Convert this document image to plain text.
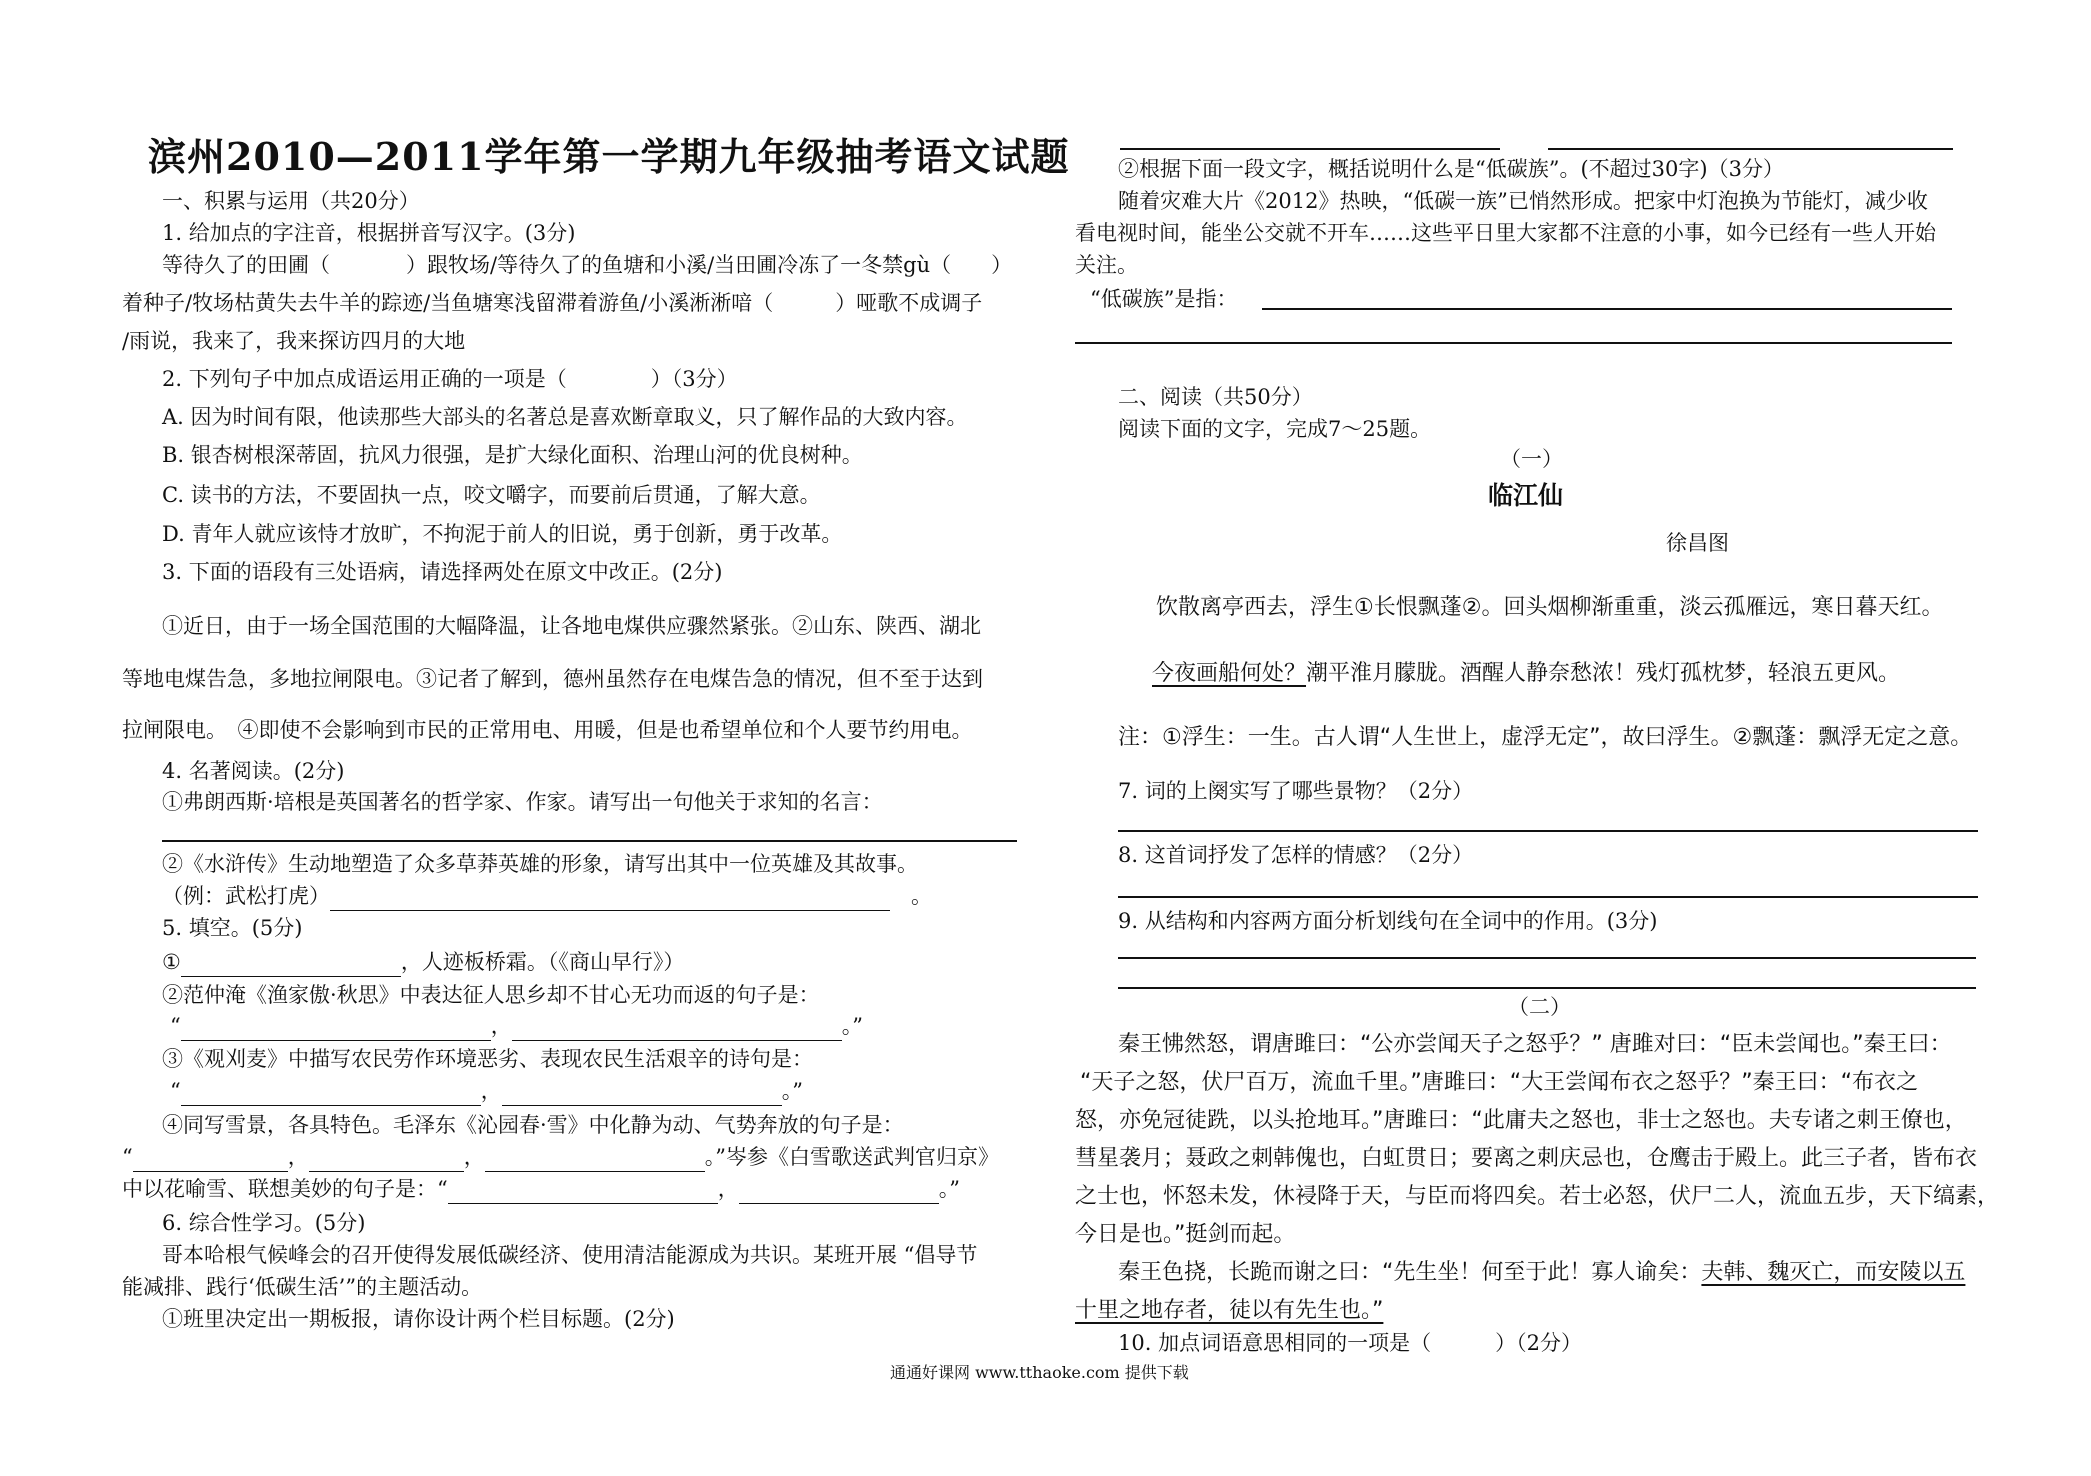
滨州2010—2011学年第一学期九年级抽考语文试题
一、积累与运用（共20分）
1. 给加点的字注音，根据拼音写汉字。(3分)
等待久了的田圃（	）跟牧场/等待久了的鱼塘和小溪/当田圃冷冻了一冬禁gù（ ）
着种子/牧场枯黄失去牛羊的踪迹/当鱼塘寒浅留滞着游鱼/小溪淅淅喑（	）哑歌不成调子
/雨说，我来了，我来探访四月的大地
2. 下列句子中加点成语运用正确的一项是（	）（3分）
A. 因为时间有限，他读那些大部头的名著总是喜欢断章取义，只了解作品的大致内容。
B. 银杏树根深蒂固，抗风力很强，是扩大绿化面积、治理山河的优良树种。
C. 读书的方法，不要固执一点，咬文嚼字，而要前后贯通，了解大意。
D. 青年人就应该恃才放旷，不拘泥于前人的旧说，勇于创新，勇于改革。
3. 下面的语段有三处语病，请选择两处在原文中改正。(2分)
①近日，由于一场全国范围的大幅降温，让各地电煤供应骤然紧张。②山东、陕西、湖北
等地电煤告急，多地拉闸限电。③记者了解到，德州虽然存在电煤告急的情况，但不至于达到
拉闸限电。　④即使不会影响到市民的正常用电、用暖，但是也希望单位和个人要节约用电。
4. 名著阅读。(2分)
①弗朗西斯·培根是英国著名的哲学家、作家。请写出一句他关于求知的名言：
②《水浒传》生动地塑造了众多草莽英雄的形象，请写出其中一位英雄及其故事。
（例：武松打虎）　	。
5. 填空。(5分)
①	，人迹板桥霜。（《商山早行》）
②范仲淹《渔家傲·秋思》中表达征人思乡却不甘心无功而返的句子是：
“	，	。”
③《观刈麦》中描写农民劳作环境恶劣、表现农民生活艰辛的诗句是：
“	，	。”
④同写雪景，各具特色。毛泽东《沁园春·雪》中化静为动、气势奔放的句子是：
“	，	，	。”岑参《白雪歌送武判官归京》
中以花喻雪、联想美妙的句子是：“	，	。”
6. 综合性学习。(5分)
哥本哈根气候峰会的召开使得发展低碳经济、使用清洁能源成为共识。某班开展 “倡导节
能减排、践行‘低碳生活’”的主题活动。
①班里决定出一期板报，请你设计两个栏目标题。(2分)
②根据下面一段文字，概括说明什么是“低碳族”。(不超过30字)（3分）
随着灾难大片《2012》热映，“低碳一族”已悄然形成。把家中灯泡换为节能灯，减少收
看电视时间，能坐公交就不开车……这些平日里大家都不注意的小事，如今已经有一些人开始
关注。
“低碳族”是指：
二、阅读（共50分）
阅读下面的文字，完成7～25题。
（一）
临江仙
徐昌图
饮散离亭西去，浮生①长恨飘蓬②。回头烟柳渐重重，淡云孤雁远，寒日暮天红。
今夜画船何处？潮平淮月朦胧。酒醒人静奈愁浓！残灯孤枕梦，轻浪五更风。
注：①浮生：一生。古人谓“人生世上，虚浮无定”，故曰浮生。②飘蓬：飘浮无定之意。
7. 词的上阕实写了哪些景物？（2分）
8. 这首词抒发了怎样的情感？（2分）
9. 从结构和内容两方面分析划线句在全词中的作用。(3分)
（二）
秦王怫然怒，谓唐雎曰：“公亦尝闻天子之怒乎？” 唐雎对曰：“臣未尝闻也。”秦王曰：
“天子之怒，伏尸百万，流血千里。”唐雎曰：“大王尝闻布衣之怒乎？”秦王曰：“布衣之
怒，亦免冠徒跣，以头抢地耳。”唐雎曰：“此庸夫之怒也，非士之怒也。夫专诸之刺王僚也，
彗星袭月；聂政之刺韩傀也，白虹贯日；要离之刺庆忌也，仓鹰击于殿上。此三子者，皆布衣
之士也，怀怒未发，休祲降于天，与臣而将四矣。若士必怒，伏尸二人，流血五步，天下缟素，
今日是也。”挺剑而起。
秦王色挠，长跪而谢之曰：“先生坐！何至于此！寡人谕矣：夫韩、魏灭亡，而安陵以五
十里之地存者，徒以有先生也。”
10. 加点词语意思相同的一项是（	）（2分）
通通好课网 www.tthaoke.com 提供下载
